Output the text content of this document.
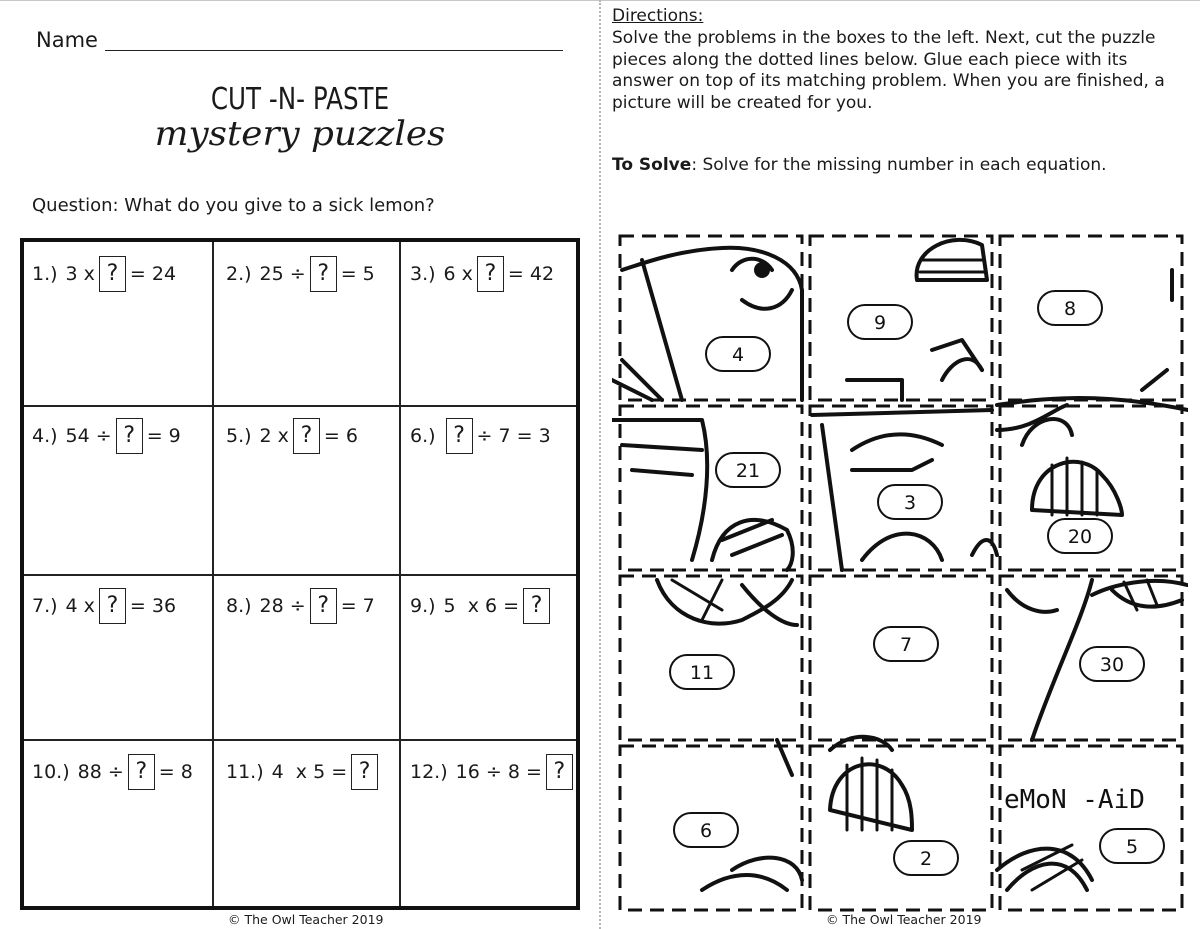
Name
CUT -N- PASTE
mystery puzzles
Question: What do you give to a sick lemon?
1.) 3 x ? = 24	2.) 25 ÷ ? = 5 3.) 6 x ? = 42
4.) 54 ÷ ? = 9 5.) 2 x ? = 6	6.) ? ÷ 7 = 3
7.) 4 x ? = 36	8.) 28 ÷ ? = 7 9.) 5  x 6 = ?
10.) 88 ÷ ? = 8 11.) 4  x 5 = ?	12.) 16 ÷ 8 = ?
© The Owl Teacher 2019	© The Owl Teacher 2019
Directions:
Solve the problems in the boxes to the left. Next, cut the puzzle pieces along the dotted lines below. Glue each piece with its answer on top of its matching problem. When you are finished, a picture will be created for you.
To Solve: Solve for the missing number in each equation.
eMoN -AiD
4
9
8
21
3
20
11
7
30
6
2
5
